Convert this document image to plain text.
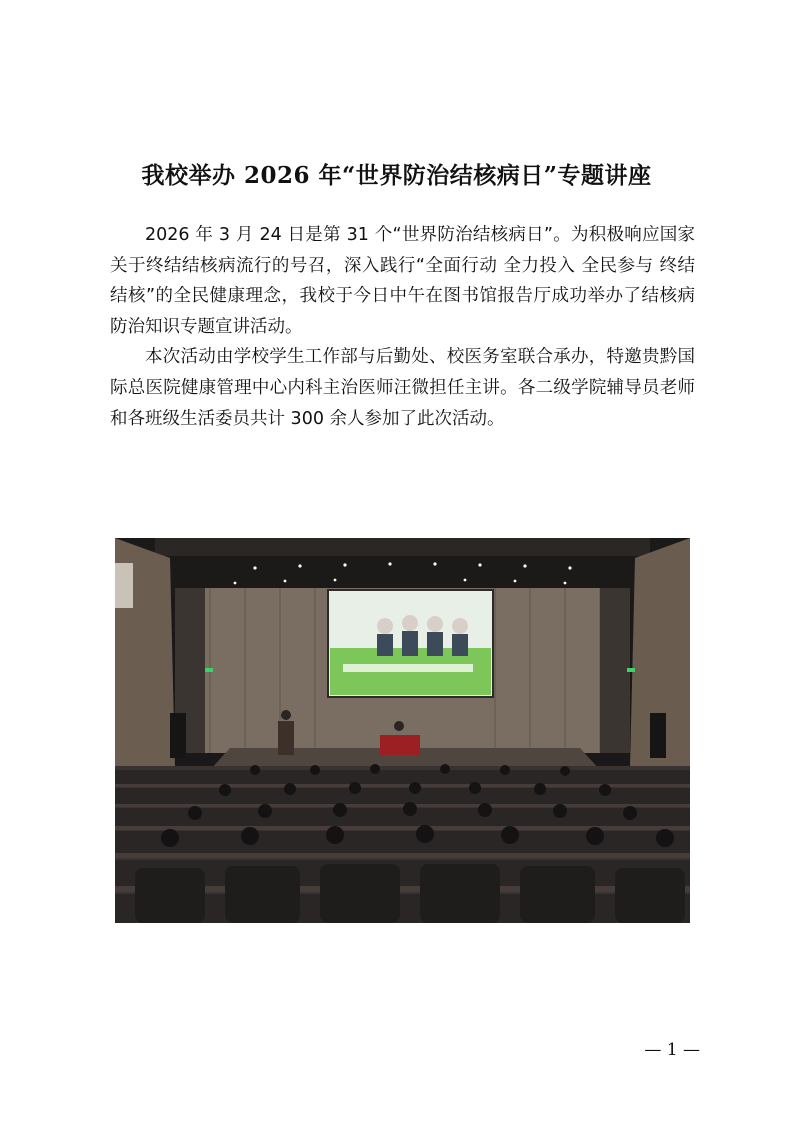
我校举办 2026 年“世界防治结核病日”专题讲座

2026 年 3 月 24 日是第 31 个“世界防治结核病日”。为积极响应国家关于终结结核病流行的号召，深入践行“全面行动 全力投入 全民参与 终结结核”的全民健康理念，我校于今日中午在图书馆报告厅成功举办了结核病防治知识专题宣讲活动。

本次活动由学校学生工作部与后勤处、校医务室联合承办，特邀贵黔国际总医院健康管理中心内科主治医师汪微担任主讲。各二级学院辅导员老师和各班级生活委员共计 300 余人参加了此次活动。

— 1 —
